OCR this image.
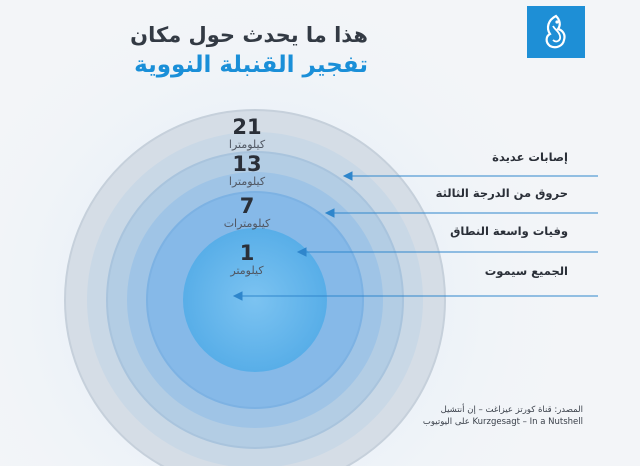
هذا ما يحدث حول مكان
تفجير القنبلة النووية
21
كيلومترا
13
كيلومترا
7
كيلومترات
1
كيلومتر
إصابات عديدة
حروق من الدرجة الثالثة
وفيات واسعة النطاق
الجميع سيموت
المصدر: قناة كورتز عيزاغت – إن أنتشيل
Kurzgesagt – In a Nutshell على اليوتيوب
